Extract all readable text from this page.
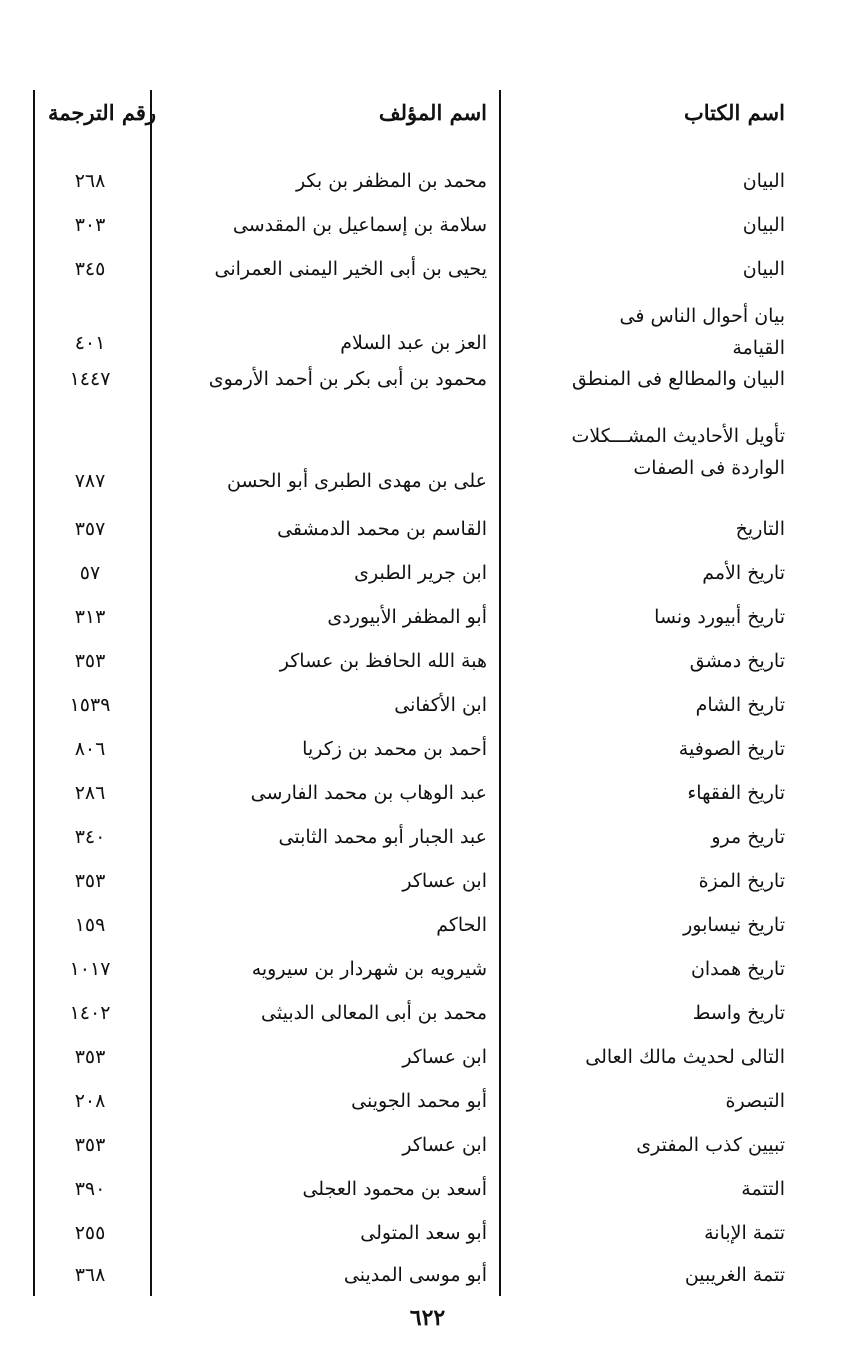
اسم الكتاب
اسم المؤلف
رقم الترجمة
البيان
محمد بن المظفر بن بكر
٢٦٨
البيان
سلامة بن إسماعيل بن المقدسى
٣٠٣
البيان
يحيى بن أبى الخير اليمنى العمرانى
٣٤٥
بيان أحوال الناس فى القيامة
العز بن عبد السلام
٤٠١
البيان والمطالع فى المنطق
محمود بن أبى بكر بن أحمد الأرموى
١٤٤٧
تأويل الأحاديث المشـــكلات الواردة فى الصفات
على بن مهدى الطبرى أبو الحسن
٧٨٧
التاريخ
القاسم بن محمد الدمشقى
٣٥٧
تاريخ الأمم
ابن جرير الطبرى
٥٧
تاريخ أبيورد ونسا
أبو المظفر الأبيوردى
٣١٣
تاريخ دمشق
هبة الله الحافظ بن عساكر
٣٥٣
تاريخ الشام
ابن الأكفانى
١٥٣٩
تاريخ الصوفية
أحمد بن محمد بن زكريا
٨٠٦
تاريخ الفقهاء
عبد الوهاب بن محمد الفارسى
٢٨٦
تاريخ مرو
عبد الجبار أبو محمد الثابتى
٣٤٠
تاريخ المزة
ابن عساكر
٣٥٣
تاريخ نيسابور
الحاكم
١٥٩
تاريخ همدان
شيرويه بن شهردار بن سيرويه
١٠١٧
تاريخ واسط
محمد بن أبى المعالى الدبيثى
١٤٠٢
التالى لحديث مالك العالى
ابن عساكر
٣٥٣
التبصرة
أبو محمد الجوينى
٢٠٨
تبيين كذب المفترى
ابن عساكر
٣٥٣
التتمة
أسعد بن محمود العجلى
٣٩٠
تتمة الإبانة
أبو سعد المتولى
٢٥٥
تتمة الغريبين
أبو موسى المدينى
٣٦٨
٦٢٢
